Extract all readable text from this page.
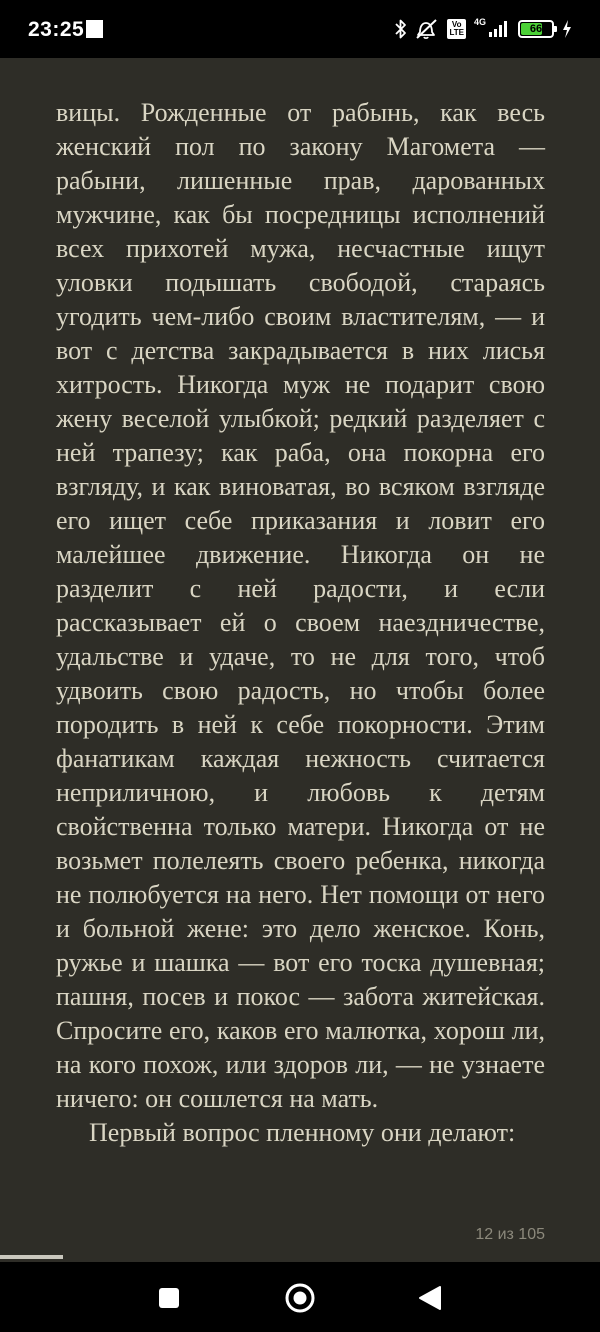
23:25	Vo
LTE
4G
66

вицы. Рожденные от рабынь, как весь женский пол по закону Магомета — рабыни, лишенные прав, дарованных мужчине, как бы посредницы исполнений всех прихотей мужа, несчастные ищут уловки подышать свободой, стараясь угодить чем-либо своим властителям, — и вот с детства закрадывается в них лисья хитрость. Никогда муж не подарит свою жену веселой улыбкой; редкий разделяет с ней трапезу; как раба, она покорна его взгляду, и как виноватая, во всяком взгляде его ищет себе приказания и ловит его малейшее движение. Никогда он не разделит с ней радости, и если рассказывает ей о своем наездничестве, удальстве и удаче, то не для того, чтоб удвоить свою радость, но чтобы более породить в ней к себе покорности. Этим фанатикам каждая нежность считается неприличною, и любовь к детям свойственна только матери. Никогда от не возьмет полелеять своего ребенка, никогда не полюбуется на него. Нет помощи от него и больной жене: это дело женское. Конь, ружье и шашка — вот его тоска душевная; пашня, посев и покос — забота житейская. Спросите его, каков его малютка, хорош ли, на кого похож, или здоров ли, — не узнаете ничего: он сошлется на мать.

Первый вопрос пленному они делают:

12 из 105
